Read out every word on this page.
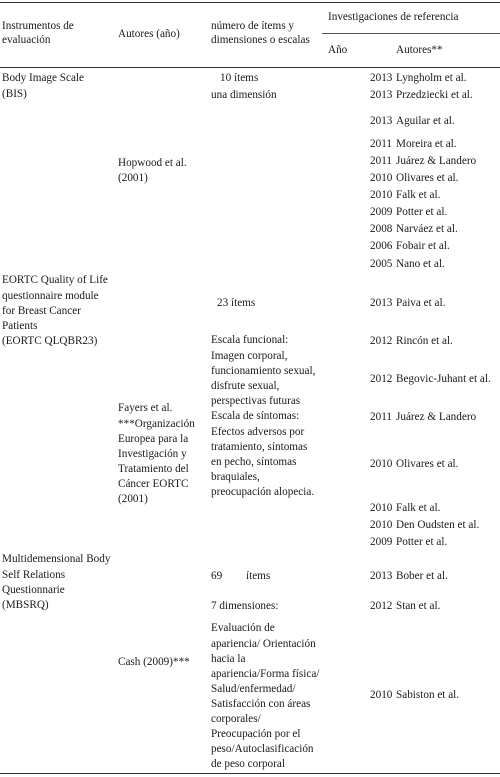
Instrumentos de
evaluación	Autores (año)
número de ítems y
dimensiones o escalas
Investigaciones de referencia
Año	Autores**
Body Image Scale
(BIS)
Hopwood et al.
(2001)
10 ítems
una dimensión
2013 Lyngholm et al.
2013 Przedziecki et al.
2013 Aguilar et al.
2011 Moreira et al.
2011 Juárez & Landero
2010 Olivares et al.
2010 Falk et al.
2009 Potter et al.
2008 Narváez et al.
2006 Fobair et al.
2005 Nano et al.
EORTC Quality of Life
questionnaire module
for Breast Cancer
Patients
(EORTC QLQBR23)
Fayers et al.
***Organización
Europea para la
Investigación y
Tratamiento del
Cáncer EORTC
(2001)
23 ítems
Escala funcional:
Imagen corporal,
funcionamiento sexual,
disfrute sexual,
perspectivas futuras
Escala de síntomas:
Efectos adversos por
tratamiento, síntomas
en pecho, síntomas
braquiales,
preocupación alopecia.
2013 Paiva et al.
2012 Rincón et al.
2012 Begovic-Juhant et al.
2011 Juárez & Landero
2010 Olivares et al.
2010 Falk et al.
2010 Den Oudsten et al.
2009 Potter et al.
Multidemensional Body
Self Relations
Questionnarie
(MBSRQ)
Cash (2009)***
69 ítems
7 dimensiones:
Evaluación de
apariencia/ Orientación
hacia la
apariencia/Forma física/
Salud/enfermedad/
Satisfacción con áreas
corporales/
Preocupación por el
peso/Autoclasificación
de peso corporal
2013 Bober et al.
2012 Stan et al.
2010 Sabiston et al.
